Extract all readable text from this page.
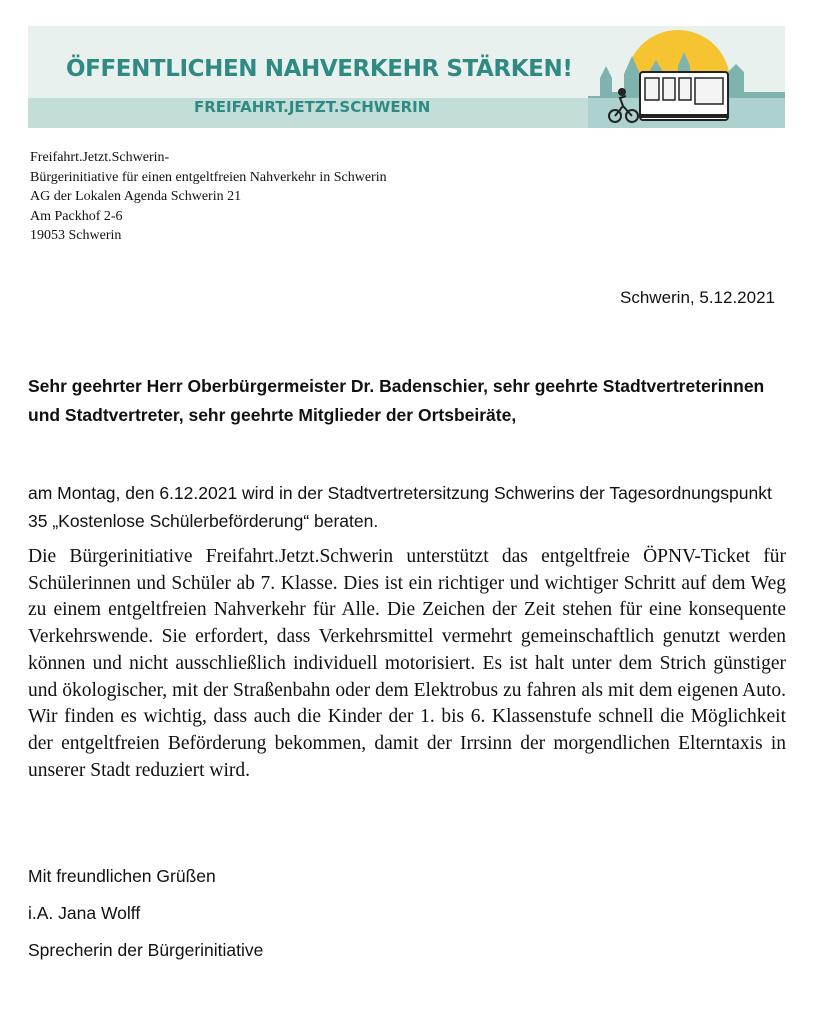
ÖFFENTLICHEN NAHVERKEHR STÄRKEN!
FREIFAHRT.JETZT.SCHWERIN
Freifahrt.Jetzt.Schwerin-
Bürgerinitiative für einen entgeltfreien Nahverkehr in Schwerin
AG der Lokalen Agenda Schwerin 21
Am Packhof 2-6
19053 Schwerin
Schwerin, 5.12.2021
Sehr geehrter Herr Oberbürgermeister Dr. Badenschier, sehr geehrte Stadtvertreterinnen und Stadtvertreter, sehr geehrte Mitglieder der Ortsbeiräte,
am Montag, den 6.12.2021 wird in der Stadtvertretersitzung Schwerins der Tagesordnungspunkt 35 „Kostenlose Schülerbeförderung“ beraten.
Die Bürgerinitiative Freifahrt.Jetzt.Schwerin unterstützt das entgeltfreie ÖPNV-Ticket für Schülerinnen und Schüler ab 7. Klasse. Dies ist ein richtiger und wichtiger Schritt auf dem Weg zu einem entgeltfreien Nahverkehr für Alle. Die Zeichen der Zeit stehen für eine konsequente Verkehrswende. Sie erfordert, dass Verkehrsmittel vermehrt gemeinschaftlich genutzt werden können und nicht ausschließlich individuell motorisiert. Es ist halt unter dem Strich günstiger und ökologischer, mit der Straßenbahn oder dem Elektrobus zu fahren als mit dem eigenen Auto. Wir finden es wichtig, dass auch die Kinder der 1. bis 6. Klassenstufe schnell die Möglichkeit der entgeltfreien Beförderung bekommen, damit der Irrsinn der morgendlichen Elterntaxis in unserer Stadt reduziert wird.
Mit freundlichen Grüßen
i.A. Jana Wolff
Sprecherin der Bürgerinitiative
